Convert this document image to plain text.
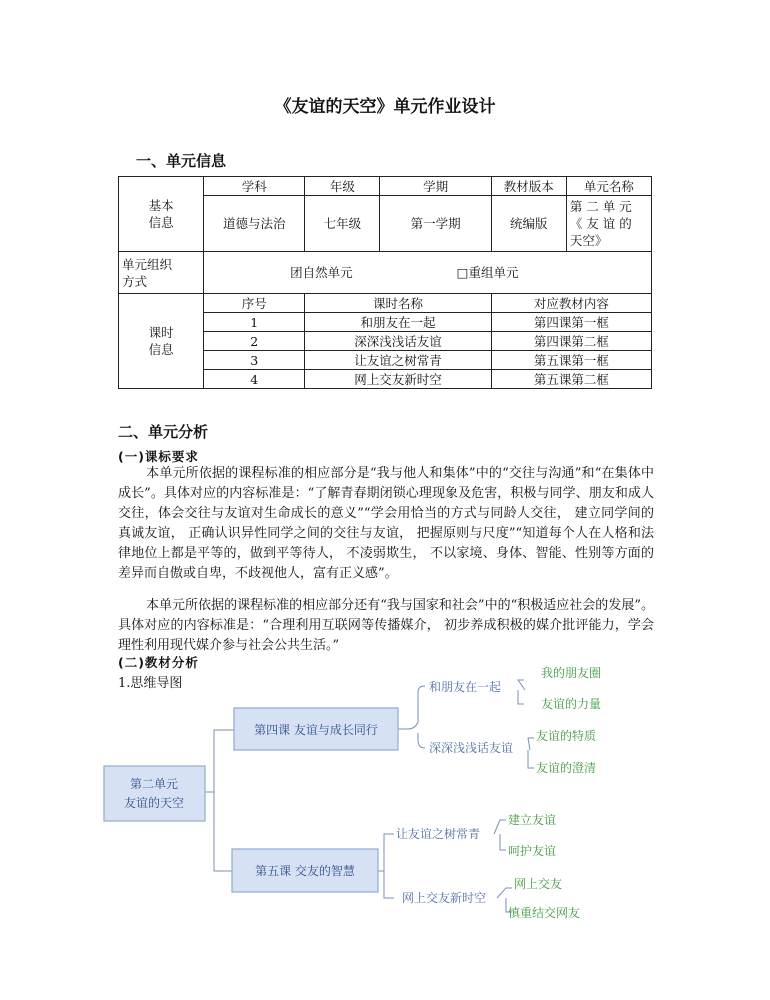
《友谊的天空》单元作业设计
一、单元信息
基本
信息	学科	年级	学期	教材版本	单元名称
	道德与法治	七年级	第一学期	统编版	第 二 单 元
《 友 谊 的
天空》

单元组织
方式	团自然单元 □重组单元				

课时
信息	序号	课时名称		对应教材内容	
	1	和朋友在一起		第四课第一框	
	2	深深浅浅话友谊		第四课第二框	
	3	让友谊之树常青		第五课第一框	
	4	网上交友新时空		第五课第二框	
二、单元分析
(一)课标要求

本单元所依据的课程标准的相应部分是“我与他人和集体”中的“交往与沟通”和“在集体中成长”。具体对应的内容标准是：“了解青春期闭锁心理现象及危害，积极与同学、朋友和成人交往，体会交往与友谊对生命成长的意义”“学会用恰当的方式与同龄人交往， 建立同学间的真诚友谊， 正确认识异性同学之间的交往与友谊， 把握原则与尺度”“知道每个人在人格和法律地位上都是平等的，做到平等待人， 不凌弱欺生， 不以家境、身体、智能、性别等方面的差异而自傲或自卑，不歧视他人，富有正义感”。

本单元所依据的课程标准的相应部分还有“我与国家和社会”中的“积极适应社会的发展”。具体对应的内容标准是：“合理利用互联网等传播媒介， 初步养成积极的媒介批评能力，学会理性利用现代媒介参与社会公共生活。”

(二)教材分析
1.思维导图
第二单元
友谊的天空
第四课 友谊与成长同行
第五课 交友的智慧
和朋友在一起
深深浅浅话友谊
让友谊之树常青
网上交友新时空
我的朋友圈
友谊的力量
友谊的特质
友谊的澄清
建立友谊
呵护友谊
网上交友
慎重结交网友
